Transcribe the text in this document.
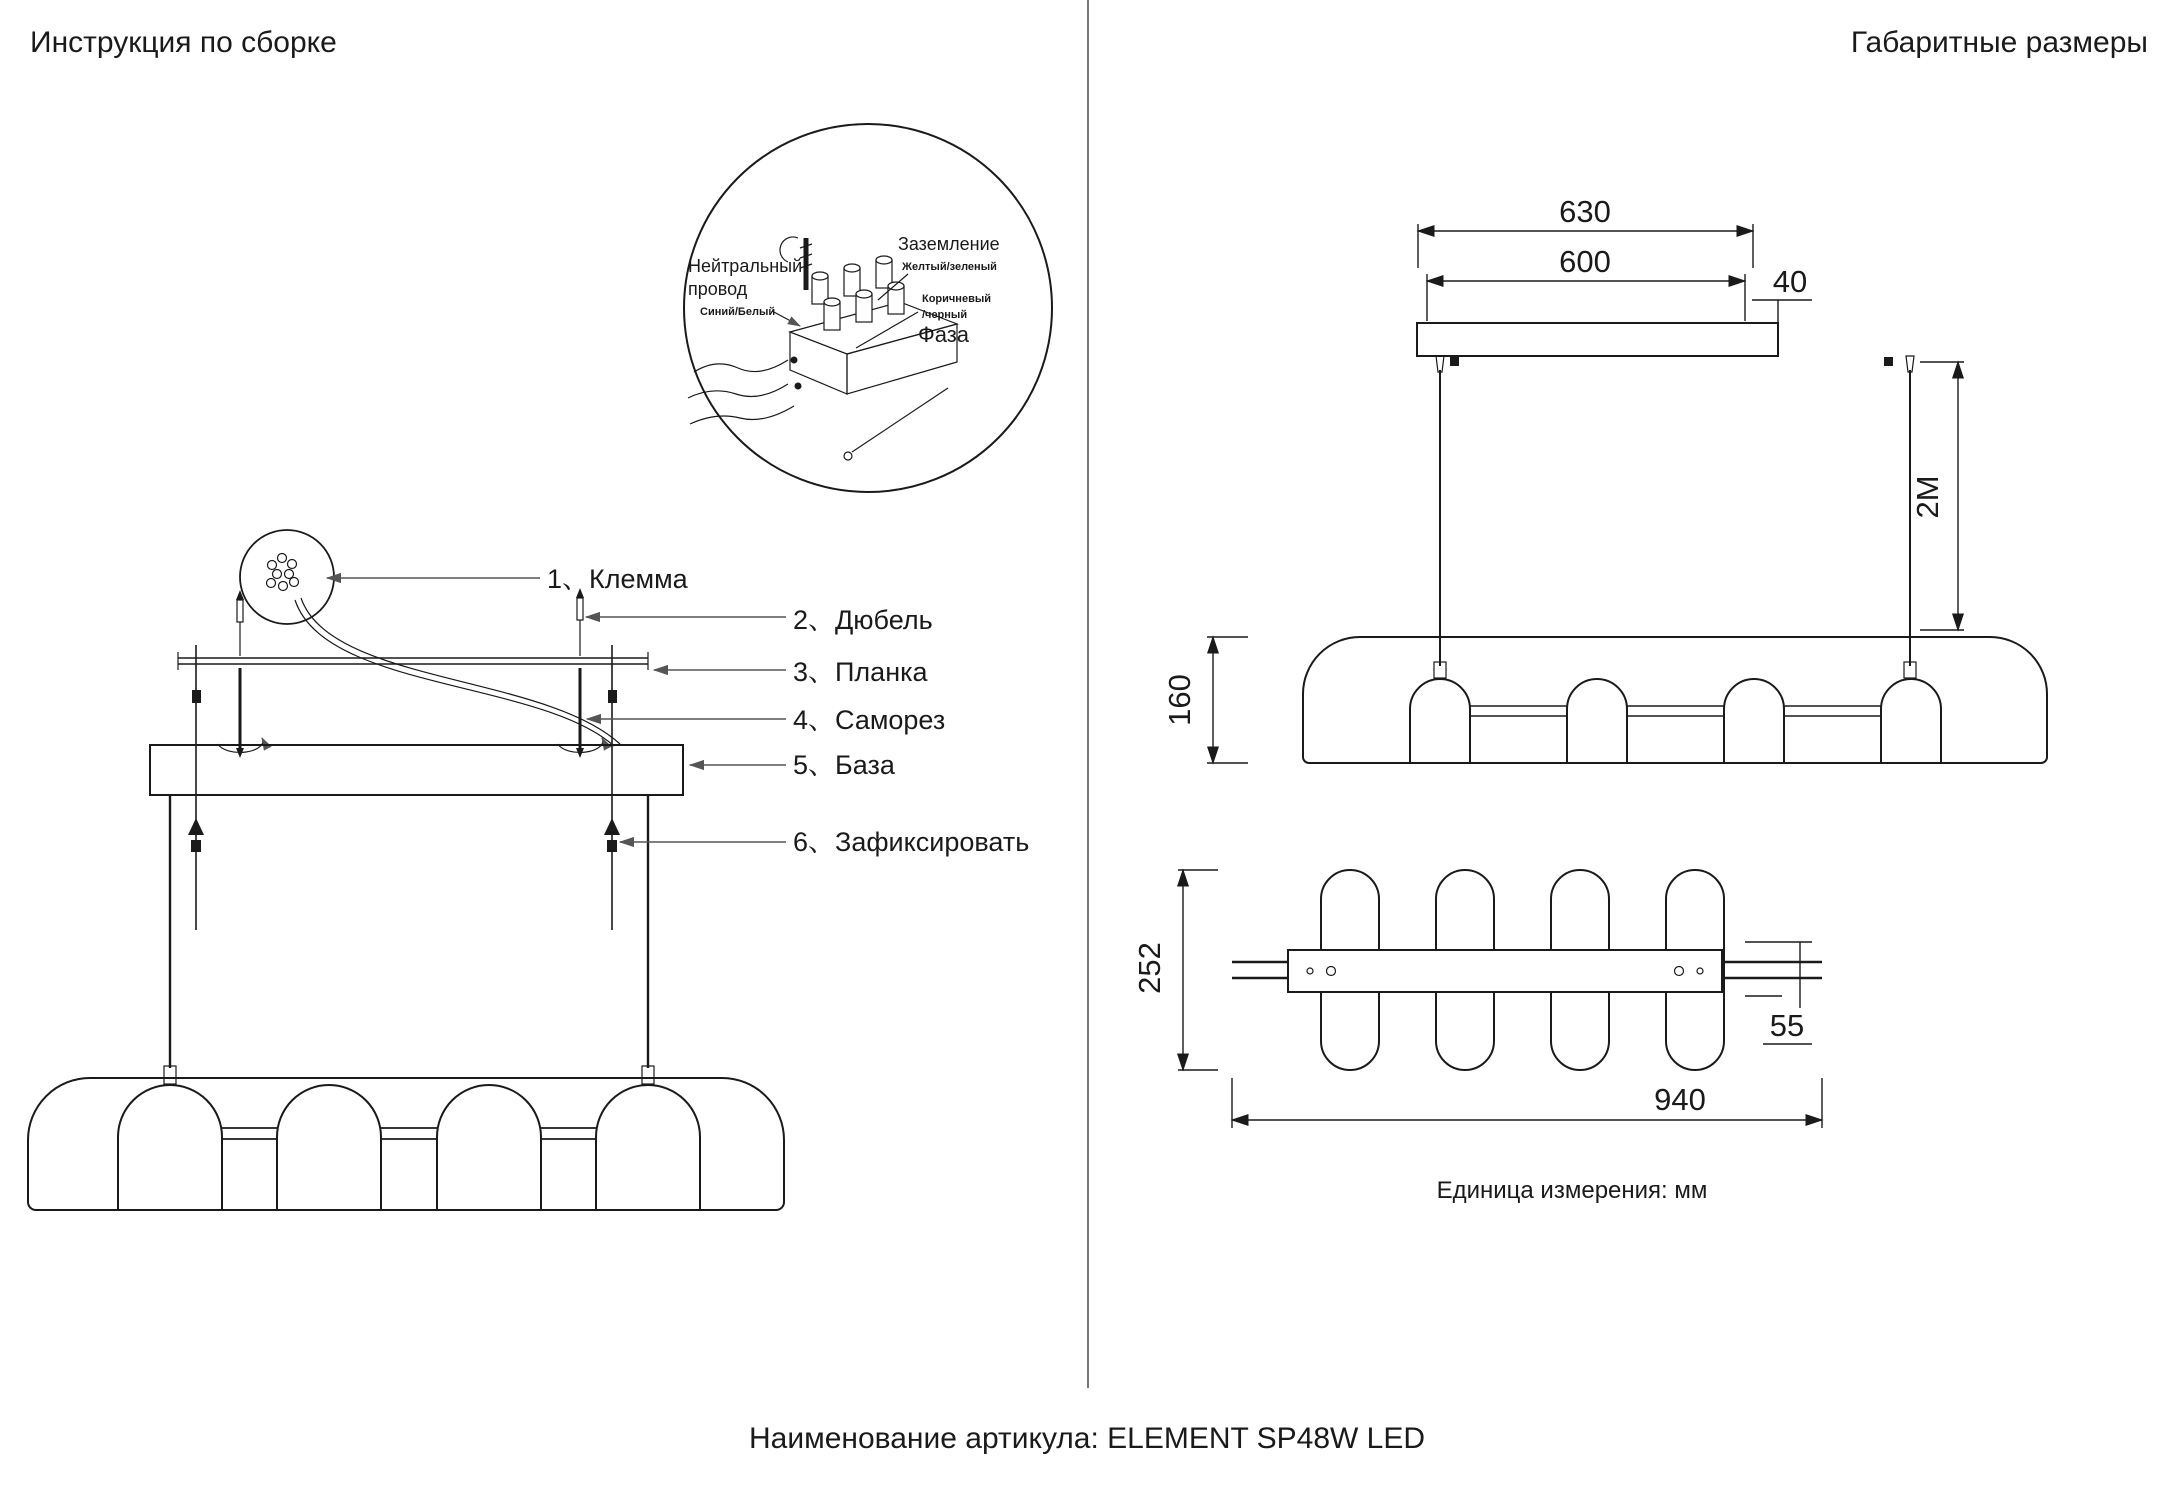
Инструкция по сборке	Габаритные размеры
Нейтральный
провод
Синий/Белый
Заземление
Желтый/зеленый
Коричневый
/черный
Фаза
1、Клемма
2、Дюбель
3、Планка
4、Саморез
5、База
6、Зафиксировать
630
600
40
2M
160
55
252
940
Единица измерения: мм
Наименование артикула: ELEMENT SP48W LED
